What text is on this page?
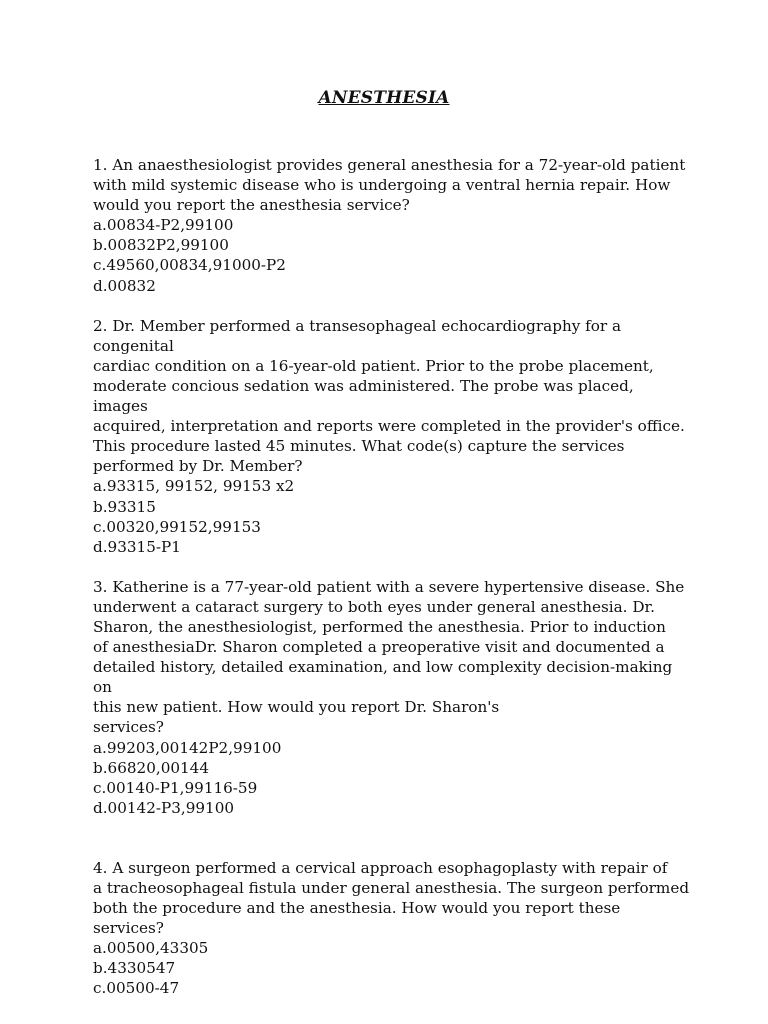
ANESTHESIA
1. An anaesthesiologist provides general anesthesia for a 72-year-old patient
with mild systemic disease who is undergoing a ventral hernia repair. How
would you report the anesthesia service?
a.00834-P2,99100
b.00832P2,99100
c.49560,00834,91000-P2
d.00832
2. Dr. Member performed a transesophageal echocardiography for a congenital
cardiac condition on a 16-year-old patient. Prior to the probe placement,
moderate concious sedation was administered. The probe was placed, images
acquired, interpretation and reports were completed in the provider's office.
This procedure lasted 45 minutes. What code(s) capture the services
performed by Dr. Member?
a.93315, 99152, 99153 x2
b.93315
c.00320,99152,99153
d.93315-P1
3. Katherine is a 77-year-old patient with a severe hypertensive disease. She
underwent a cataract surgery to both eyes under general anesthesia. Dr.
Sharon, the anesthesiologist, performed the anesthesia. Prior to induction
of anesthesiaDr. Sharon completed a preoperative visit and documented a
detailed history, detailed examination, and low complexity decision-making on
this new patient. How would you report Dr. Sharon's
services?
a.99203,00142P2,99100
b.66820,00144
c.00140-P1,99116-59
d.00142-P3,99100
4. A surgeon performed a cervical approach esophagoplasty with repair of
a tracheosophageal fistula under general anesthesia. The surgeon performed
both the procedure and the anesthesia. How would you report these
services?
a.00500,43305
b.4330547
c.00500-47
